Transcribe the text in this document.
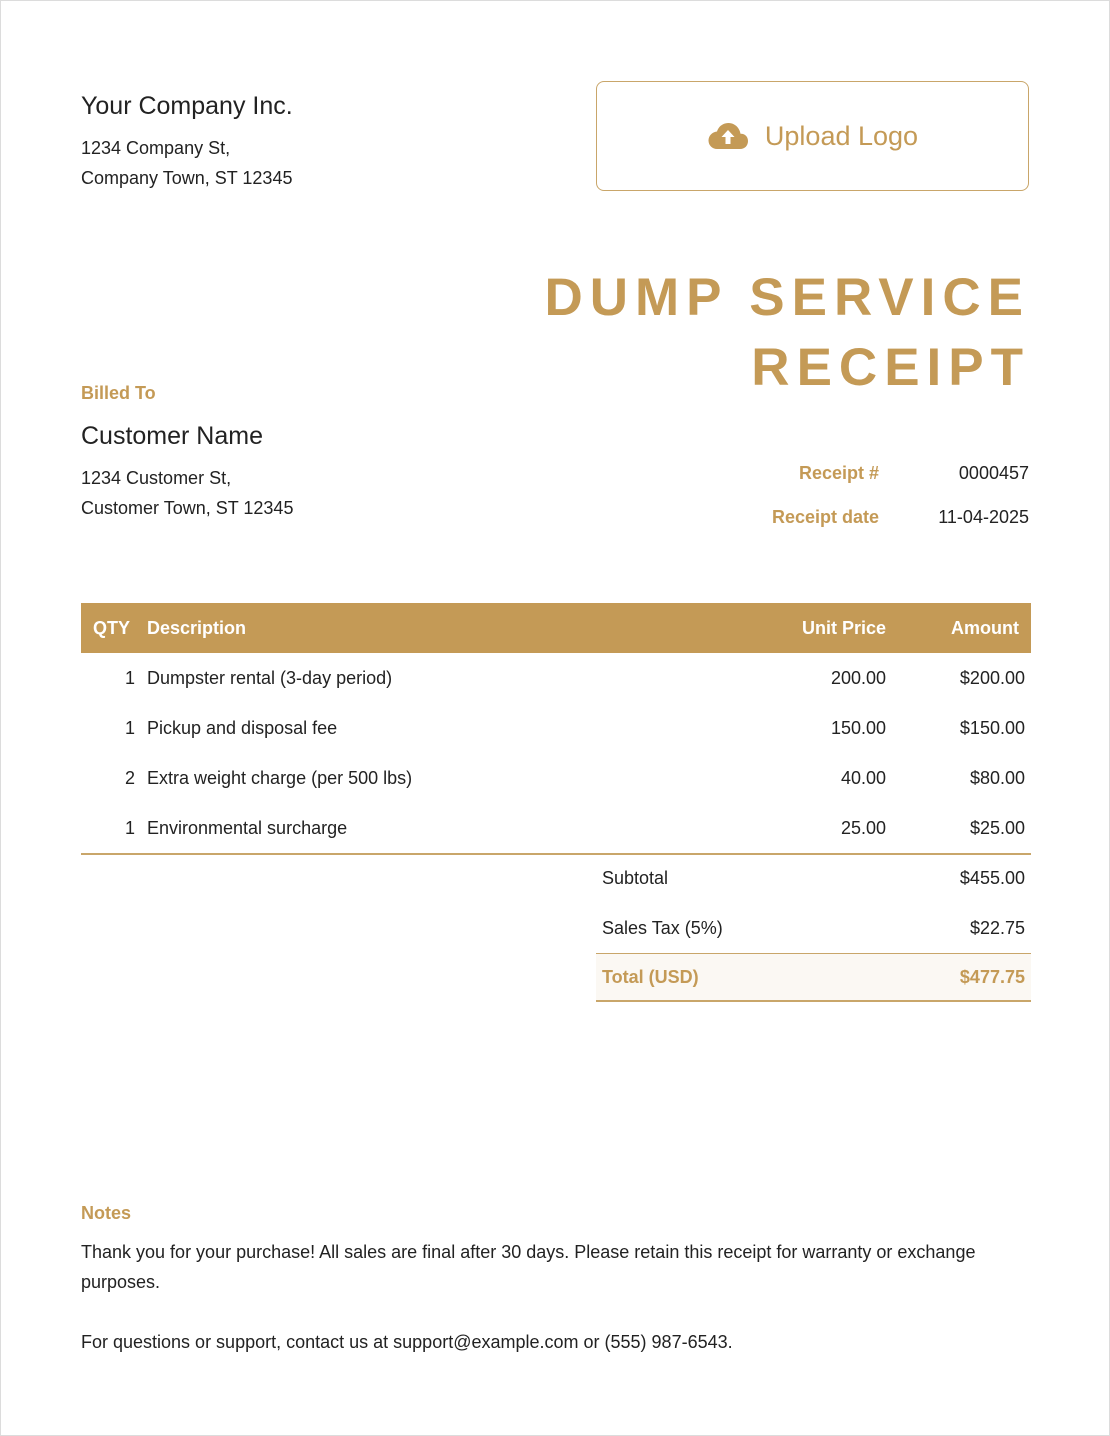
Your Company Inc.
1234 Company St,
Company Town, ST 12345
Upload Logo
DUMP SERVICE
RECEIPT
Billed To
Customer Name
1234 Customer St,
Customer Town, ST 12345
Receipt #	0000457
Receipt date	11-04-2025
QTY Description	Unit Price	Amount
1 Dumpster rental (3-day period)	200.00	$200.00
1 Pickup and disposal fee	150.00	$150.00
2 Extra weight charge (per 500 lbs)	40.00	$80.00
1 Environmental surcharge	25.00	$25.00
Subtotal	$455.00
Sales Tax (5%)	$22.75
Total (USD)	$477.75
Notes

Thank you for your purchase! All sales are final after 30 days. Please retain this receipt for warranty or exchange purposes.

For questions or support, contact us at support@example.com or (555) 987-6543.
